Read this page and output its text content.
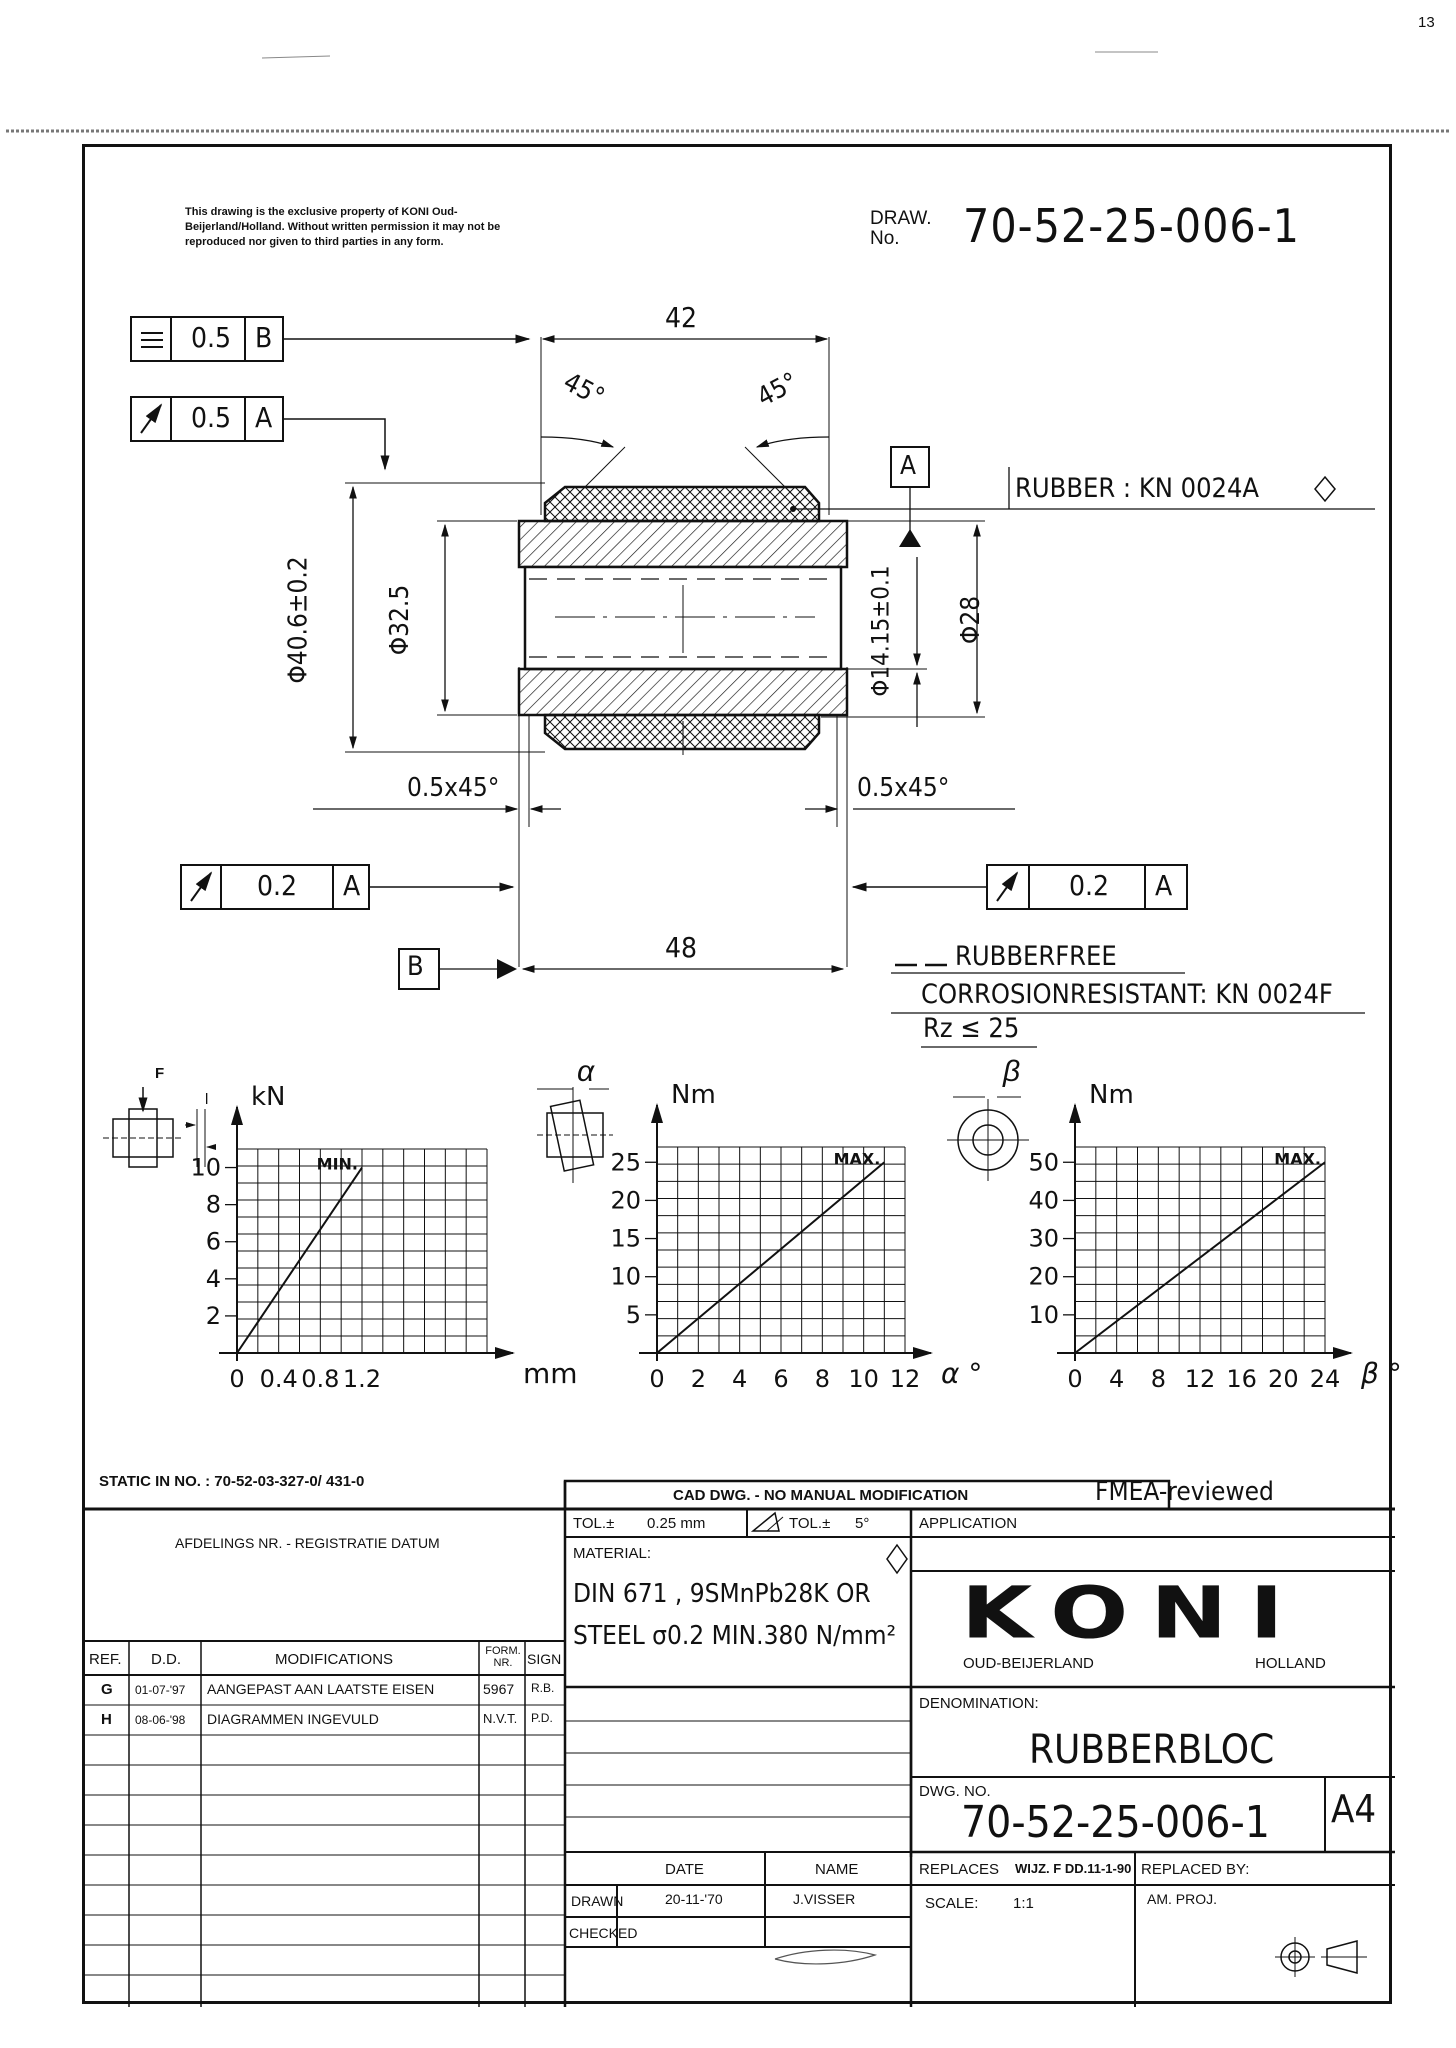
13
This drawing is the exclusive property of KONI Oud-Beijerland/Holland. Without written permission it may not be reproduced nor given to third parties in any form.
DRAW. No.	70-52-25-006-1
kN
2
4
6
8
10
0 0.4 0.8 1.2	mm
MIN.
Nm
5
10
15
20
25
0 2 4 6 8 10 12 α °
MAX.
Nm
10
20
30
40
50
0 4 8 12 16 20 24 β °
MAX.
0.5 B
0.5 A
42
45°	45°
A
RUBBER : KN 0024A
Φ40.6±0.2	Φ32.5	Φ14.15±0.1 Φ28
0.5x45°	0.5x45°
0.2 A	0.2 A
B
48	RUBBERFREE
CORROSIONRESISTANT: KN 0024F
Rz ≤ 25
F
l
α	β
STATIC IN NO. : 70-52-03-327-0/ 431-0
CAD DWG. - NO MANUAL MODIFICATION	FMEA-reviewed
AFDELINGS NR. - REGISTRATIE DATUM
TOL.± 0.25 mm	TOL.± 5°	APPLICATION
MATERIAL:
DIN 671 , 9SMnPb28K OR
STEEL σ0.2 MIN.380 N/mm² KONI
OUD-BEIJERLAND	HOLLAND
REF. D.D.	MODIFICATIONS	FORM. NR.	SIGN
G 01-07-'97 AANGEPAST AAN LAATSTE EISEN	5967 R.B.
H 08-06-'98 DIAGRAMMEN INGEVULD	N.V.T. P.D.
DENOMINATION:
RUBBERBLOC
DWG. NO.
70-52-25-006-1 A4
DATE	NAME
DRAWN	20-11-'70	J.VISSER
CHECKED
REPLACES WIJZ. F DD.11-1-90 REPLACED BY:
SCALE: 1:1	AM. PROJ.
